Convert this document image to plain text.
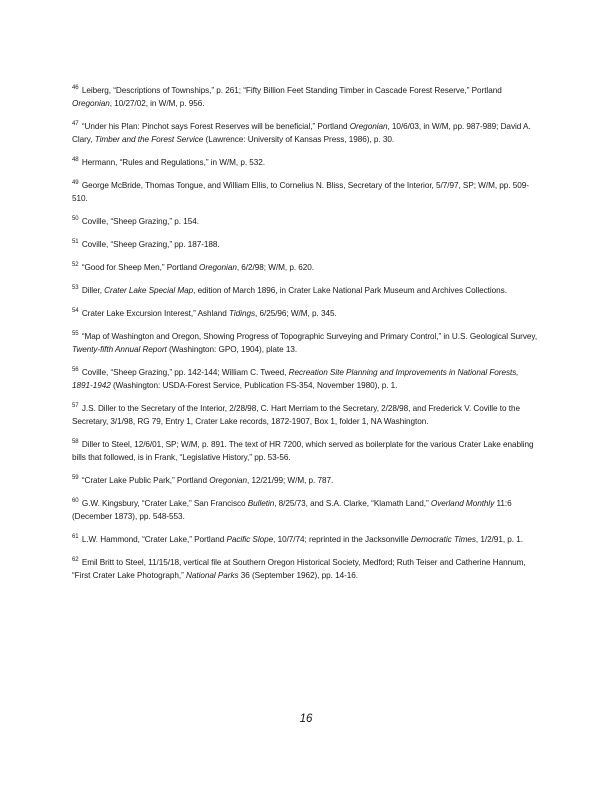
$^{46}$ Leiberg, “Descriptions of Townships,” p. 261; “Fifty Billion Feet Standing Timber in Cascade Forest Reserve,” Portland Oregonian, 10/27/02, in W/M, p. 956.

$^{47}$ “Under his Plan: Pinchot says Forest Reserves will be beneficial,” Portland Oregonian, 10/6/03, in W/M, pp. 987-989; David A. Clary, Timber and the Forest Service (Lawrence: University of Kansas Press, 1986), p. 30.

$^{48}$ Hermann, “Rules and Regulations,” in W/M, p. 532.

$^{49}$ George McBride, Thomas Tongue, and William Ellis, to Cornelius N. Bliss, Secretary of the Interior, 5/7/97, SP; W/M, pp. 509-510.

$^{50}$ Coville, “Sheep Grazing,” p. 154.

$^{51}$ Coville, “Sheep Grazing,” pp. 187-188.

$^{52}$ “Good for Sheep Men,” Portland Oregonian, 6/2/98; W/M, p. 620.

$^{53}$ Diller, Crater Lake Special Map, edition of March 1896, in Crater Lake National Park Museum and Archives Collections.

$^{54}$ Crater Lake Excursion Interest,” Ashland Tidings, 6/25/96; W/M, p. 345.

$^{55}$ “Map of Washington and Oregon, Showing Progress of Topographic Surveying and Primary Control,” in U.S. Geological Survey, Twenty-fifth Annual Report (Washington: GPO, 1904), plate 13.

$^{56}$ Coville, “Sheep Grazing,” pp. 142-144; William C. Tweed, Recreation Site Planning and Improvements in National Forests, 1891-1942 (Washington: USDA-Forest Service, Publication FS-354, November 1980), p. 1.

$^{57}$ J.S. Diller to the Secretary of the Interior, 2/28/98, C. Hart Merriam to the Secretary, 2/28/98, and Frederick V. Coville to the Secretary, 3/1/98, RG 79, Entry 1, Crater Lake records, 1872-1907, Box 1, folder 1, NA Washington.

$^{58}$ Diller to Steel, 12/6/01, SP; W/M, p. 891. The text of HR 7200, which served as boilerplate for the various Crater Lake enabling bills that followed, is in Frank, “Legislative History,” pp. 53-56.

$^{59}$ “Crater Lake Public Park,” Portland Oregonian, 12/21/99; W/M, p. 787.

$^{60}$ G.W. Kingsbury, “Crater Lake,” San Francisco Bulletin, 8/25/73, and S.A. Clarke, “Klamath Land,” Overland Monthly 11:6 (December 1873), pp. 548-553.

$^{61}$ L.W. Hammond, “Crater Lake,” Portland Pacific Slope, 10/7/74; reprinted in the Jacksonville Democratic Times, 1/2/91, p. 1.

$^{62}$ Emil Britt to Steel, 11/15/18, vertical file at Southern Oregon Historical Society, Medford; Ruth Teiser and Catherine Hannum, “First Crater Lake Photograph,” National Parks 36 (September 1962), pp. 14-16.

16
